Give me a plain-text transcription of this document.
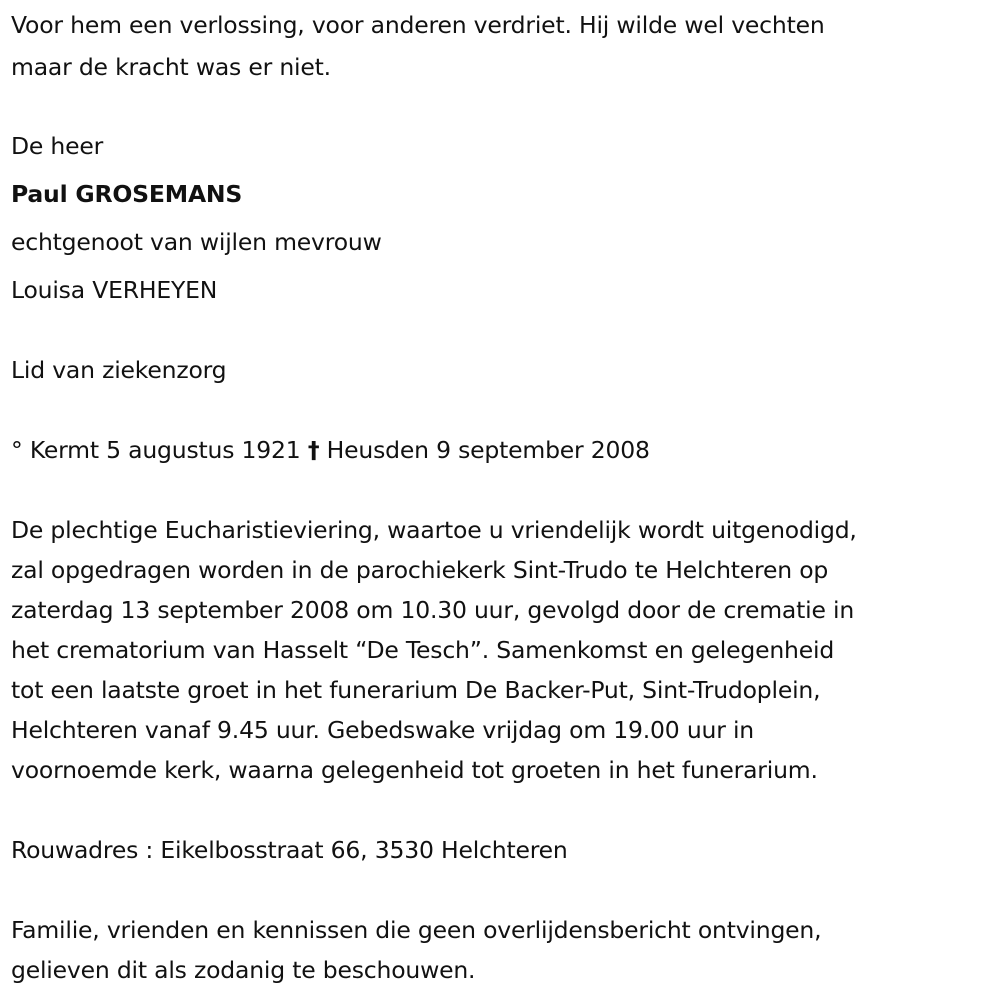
Voor hem een verlossing, voor anderen verdriet. Hij wilde wel vechten
maar de kracht was er niet.
De heer
Paul GROSEMANS
echtgenoot van wijlen mevrouw
Louisa VERHEYEN
Lid van ziekenzorg
° Kermt 5 augustus 1921 † Heusden 9 september 2008
De plechtige Eucharistieviering, waartoe u vriendelijk wordt uitgenodigd,
zal opgedragen worden in de parochiekerk Sint-Trudo te Helchteren op
zaterdag 13 september 2008 om 10.30 uur, gevolgd door de crematie in
het crematorium van Hasselt “De Tesch”. Samenkomst en gelegenheid
tot een laatste groet in het funerarium De Backer-Put, Sint-Trudoplein,
Helchteren vanaf 9.45 uur. Gebedswake vrijdag om 19.00 uur in
voornoemde kerk, waarna gelegenheid tot groeten in het funerarium.
Rouwadres : Eikelbosstraat 66, 3530 Helchteren
Familie, vrienden en kennissen die geen overlijdensbericht ontvingen,
gelieven dit als zodanig te beschouwen.
